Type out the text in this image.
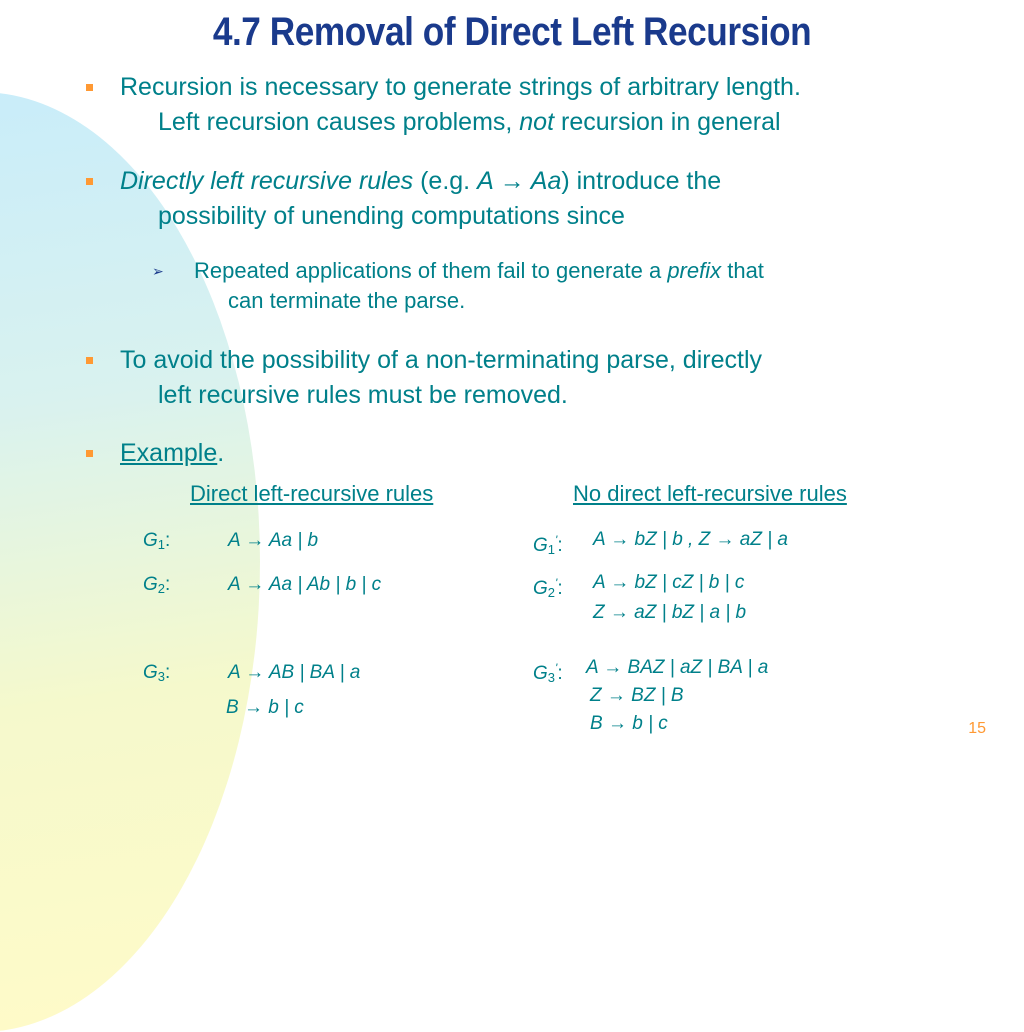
4.7 Removal of Direct Left Recursion
Recursion is necessary to generate strings of arbitrary length.
Left recursion causes problems, not recursion in general
Directly left recursive rules (e.g. A → Aa) introduce the
possibility of unending computations since
➢ Repeated applications of them fail to generate a prefix that
can terminate the parse.
To avoid the possibility of a non-terminating parse, directly
left recursive rules must be removed.
Example.
Direct left-recursive rules	No direct left-recursive rules
$G_1$:	A → Aa | b
$G_2$:	A → Aa | Ab | b | c
$G_3$:	A → AB | BA | a
B → b | c
$G_1'$: A → bZ | b , Z → aZ | a
$G_2'$: A → bZ | cZ | b | c
Z → aZ | bZ | a | b
$G_3'$: A → BAZ | aZ | BA | a
Z → BZ | B
B → b | c	15
